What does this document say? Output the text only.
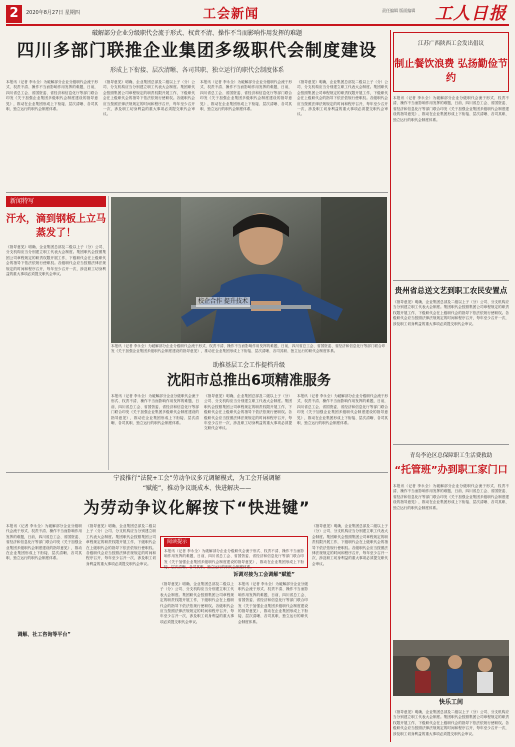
2	2020年8月27日 星期四	工会新闻	责任编辑 版面编辑	工人日报
破解部分企业分级职代会流于形式、权责不清、操作不当而影响作用发挥的难题
四川多部门联推企业集团多级职代会制度建设
形成上下衔接、层次清晰、各司其职、独立运行的职代会制度体系
本报讯（记者 李永全）为破解部分企业分级职代会流于形式、权责不清、操作不当而影响作用发挥的难题，日前，四川省总工会、省国资委、省经济和信息化厅等部门联合印发《关于加强企业集团多级职代会制度建设的指导意见》，推动在企业集团形成上下衔接、层次清晰、各司其职、独立运行的职代会制度体系。
《指导意见》明确，企业集团总部及二级以上子（分）公司、分支机构应当分别建立职工代表大会制度。集团职代会按照集团公司章程规定的职责权限开展工作，下级职代会在上级职代会的指导下依法依规行使职权。各级职代会应当按照法律法规规定的时间和程序召开，每年至少召开一次，涉及职工切身利益的重大事项必须提交职代会审议。
本报讯（记者 李永全）为破解部分企业分级职代会流于形式、权责不清、操作不当而影响作用发挥的难题，日前，四川省总工会、省国资委、省经济和信息化厅等部门联合印发《关于加强企业集团多级职代会制度建设的指导意见》，推动在企业集团形成上下衔接、层次清晰、各司其职、独立运行的职代会制度体系。
《指导意见》明确，企业集团总部及二级以上子（分）公司、分支机构应当分别建立职工代表大会制度。集团职代会按照集团公司章程规定的职责权限开展工作，下级职代会在上级职代会的指导下依法依规行使职权。各级职代会应当按照法律法规规定的时间和程序召开，每年至少召开一次，涉及职工切身利益的重大事项必须提交职代会审议。
新闻特写
汗水，滴到钢板上立马蒸发了！
《指导意见》明确，企业集团总部及二级以上子（分）公司、分支机构应当分别建立职工代表大会制度。集团职代会按照集团公司章程规定的职责权限开展工作，下级职代会在上级职代会的指导下依法依规行使职权。各级职代会应当按照法律法规规定的时间和程序召开，每年至少召开一次，涉及职工切身利益的重大事项必须提交职代会审议。
校企合作 提升技术
本报讯（记者 李永全）为破解部分企业分级职代会流于形式、权责不清、操作不当而影响作用发挥的难题，日前，四川省总工会、省国资委、省经济和信息化厅等部门联合印发《关于加强企业集团多级职代会制度建设的指导意见》，推动在企业集团形成上下衔接、层次清晰、各司其职、独立运行的职代会制度体系。
助推基层工会工作提档升级
沈阳市总推出6项精准服务
本报讯（记者 李永全）为破解部分企业分级职代会流于形式、权责不清、操作不当而影响作用发挥的难题，日前，四川省总工会、省国资委、省经济和信息化厅等部门联合印发《关于加强企业集团多级职代会制度建设的指导意见》，推动在企业集团形成上下衔接、层次清晰、各司其职、独立运行的职代会制度体系。
《指导意见》明确，企业集团总部及二级以上子（分）公司、分支机构应当分别建立职工代表大会制度。集团职代会按照集团公司章程规定的职责权限开展工作，下级职代会在上级职代会的指导下依法依规行使职权。各级职代会应当按照法律法规规定的时间和程序召开，每年至少召开一次，涉及职工切身利益的重大事项必须提交职代会审议。
本报讯（记者 李永全）为破解部分企业分级职代会流于形式、权责不清、操作不当而影响作用发挥的难题，日前，四川省总工会、省国资委、省经济和信息化厅等部门联合印发《关于加强企业集团多级职代会制度建设的指导意见》，推动在企业集团形成上下衔接、层次清晰、各司其职、独立运行的职代会制度体系。
宁波推行“法院+工会”劳动争议多元调解模式，为工会开展调解
“赋能”，推动争议既成本、快进解决——
为劳动争议化解按下“快进键”
本报讯（记者 李永全）为破解部分企业分级职代会流于形式、权责不清、操作不当而影响作用发挥的难题，日前，四川省总工会、省国资委、省经济和信息化厅等部门联合印发《关于加强企业集团多级职代会制度建设的指导意见》，推动在企业集团形成上下衔接、层次清晰、各司其职、独立运行的职代会制度体系。
《指导意见》明确，企业集团总部及二级以上子（分）公司、分支机构应当分别建立职工代表大会制度。集团职代会按照集团公司章程规定的职责权限开展工作，下级职代会在上级职代会的指导下依法依规行使职权。各级职代会应当按照法律法规规定的时间和程序召开，每年至少召开一次，涉及职工切身利益的重大事项必须提交职代会审议。
阅读提示
本报讯（记者 李永全）为破解部分企业分级职代会流于形式、权责不清、操作不当而影响作用发挥的难题，日前，四川省总工会、省国资委、省经济和信息化厅等部门联合印发《关于加强企业集团多级职代会制度建设的指导意见》，推动在企业集团形成上下衔接、层次清晰、各司其职、独立运行的职代会制度体系。
诉调对接为工会调解“赋能”
《指导意见》明确，企业集团总部及二级以上子（分）公司、分支机构应当分别建立职工代表大会制度。集团职代会按照集团公司章程规定的职责权限开展工作，下级职代会在上级职代会的指导下依法依规行使职权。各级职代会应当按照法律法规规定的时间和程序召开，每年至少召开一次，涉及职工切身利益的重大事项必须提交职代会审议。
本报讯（记者 李永全）为破解部分企业分级职代会流于形式、权责不清、操作不当而影响作用发挥的难题，日前，四川省总工会、省国资委、省经济和信息化厅等部门联合印发《关于加强企业集团多级职代会制度建设的指导意见》，推动在企业集团形成上下衔接、层次清晰、各司其职、独立运行的职代会制度体系。
《指导意见》明确，企业集团总部及二级以上子（分）公司、分支机构应当分别建立职工代表大会制度。集团职代会按照集团公司章程规定的职责权限开展工作，下级职代会在上级职代会的指导下依法依规行使职权。各级职代会应当按照法律法规规定的时间和程序召开，每年至少召开一次，涉及职工切身利益的重大事项必须提交职代会审议。
调解、社工咨询等平台”
江苏广西陕西工会发出倡议
制止餐饮浪费 弘扬勤俭节约
本报讯（记者 李永全）为破解部分企业分级职代会流于形式、权责不清、操作不当而影响作用发挥的难题，日前，四川省总工会、省国资委、省经济和信息化厅等部门联合印发《关于加强企业集团多级职代会制度建设的指导意见》，推动在企业集团形成上下衔接、层次清晰、各司其职、独立运行的职代会制度体系。
贵州省总送文艺到职工农民安置点
《指导意见》明确，企业集团总部及二级以上子（分）公司、分支机构应当分别建立职工代表大会制度。集团职代会按照集团公司章程规定的职责权限开展工作，下级职代会在上级职代会的指导下依法依规行使职权。各级职代会应当按照法律法规规定的时间和程序召开，每年至少召开一次，涉及职工切身利益的重大事项必须提交职代会审议。
青岛李沧区总保障职工生活费救助
“托管班”办到职工家门口
本报讯（记者 李永全）为破解部分企业分级职代会流于形式、权责不清、操作不当而影响作用发挥的难题，日前，四川省总工会、省国资委、省经济和信息化厅等部门联合印发《关于加强企业集团多级职代会制度建设的指导意见》，推动在企业集团形成上下衔接、层次清晰、各司其职、独立运行的职代会制度体系。
快乐工间
《指导意见》明确，企业集团总部及二级以上子（分）公司、分支机构应当分别建立职工代表大会制度。集团职代会按照集团公司章程规定的职责权限开展工作，下级职代会在上级职代会的指导下依法依规行使职权。各级职代会应当按照法律法规规定的时间和程序召开，每年至少召开一次，涉及职工切身利益的重大事项必须提交职代会审议。
